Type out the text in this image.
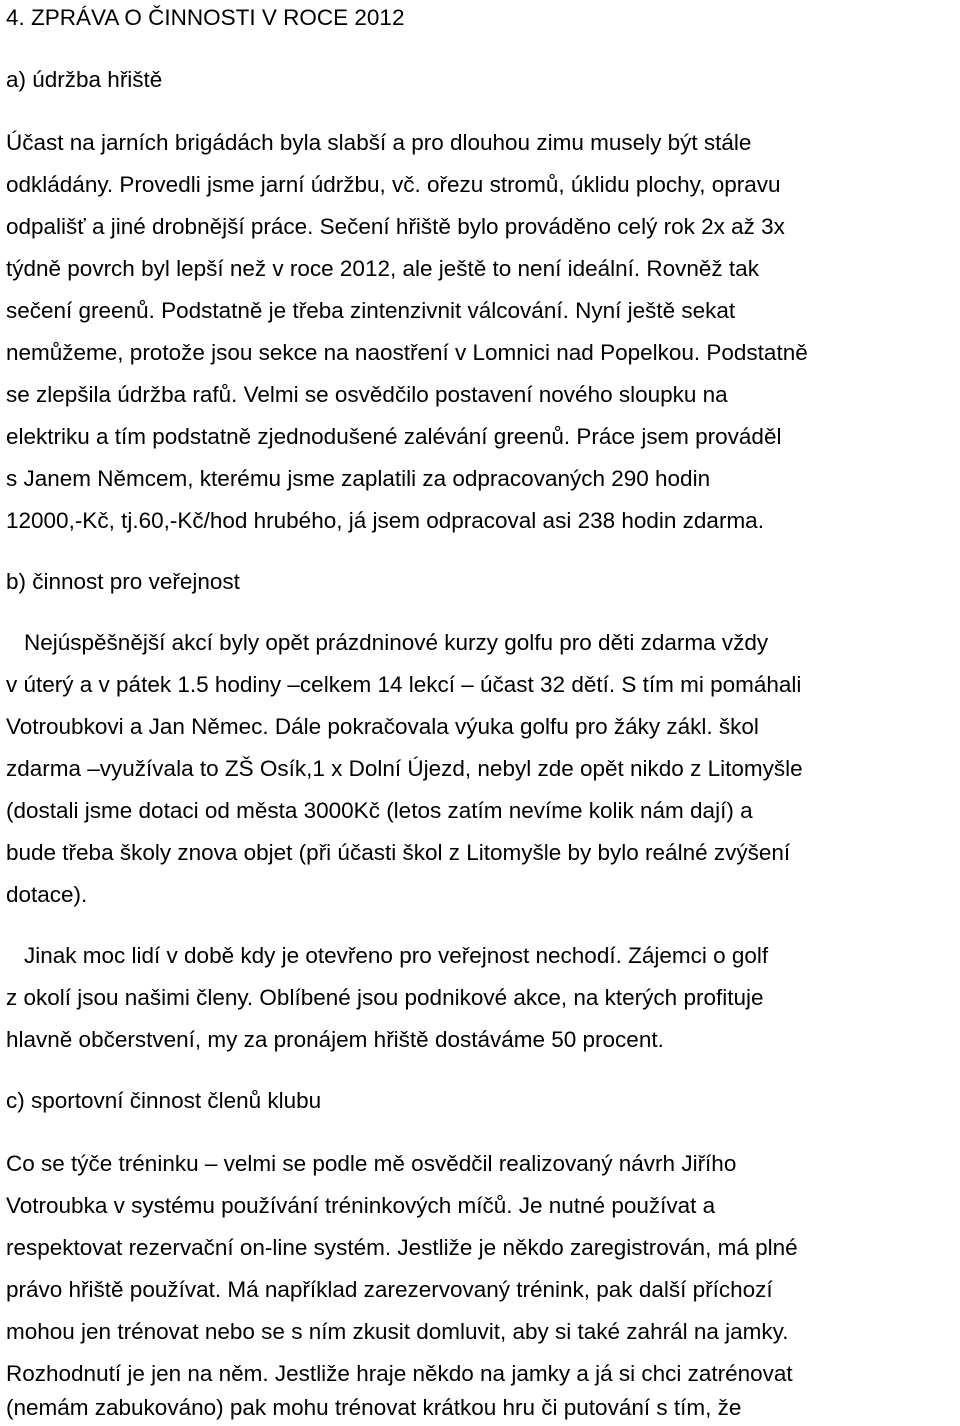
4. ZPRÁVA O ČINNOSTI V ROCE 2012
a) údržba hřiště
Účast na jarních brigádách byla slabší a pro dlouhou zimu musely být stále
odkládány. Provedli jsme jarní údržbu, vč. ořezu stromů, úklidu plochy, opravu
odpališť a jiné drobnější práce. Sečení hřiště bylo prováděno celý rok 2x až 3x
týdně povrch byl lepší než v roce 2012, ale ještě to není ideální. Rovněž tak
sečení greenů. Podstatně je třeba zintenzivnit válcování. Nyní ještě sekat
nemůžeme, protože jsou sekce na naostření v Lomnici nad Popelkou. Podstatně
se zlepšila údržba rafů. Velmi se osvědčilo postavení nového sloupku na
elektriku a tím podstatně zjednodušené zalévání greenů. Práce jsem prováděl
s Janem Němcem, kterému jsme zaplatili za odpracovaných 290 hodin
12000,-Kč, tj.60,-Kč/hod hrubého, já jsem odpracoval asi 238 hodin zdarma.
b) činnost pro veřejnost
Nejúspěšnější akcí byly opět prázdninové kurzy golfu pro děti zdarma vždy
v úterý a v pátek 1.5 hodiny –celkem 14 lekcí – účast 32 dětí. S tím mi pomáhali
Votroubkovi a Jan Němec. Dále pokračovala výuka golfu pro žáky zákl. škol
zdarma –využívala to ZŠ Osík,1 x Dolní Újezd, nebyl zde opět nikdo z Litomyšle
(dostali jsme dotaci od města 3000Kč (letos zatím nevíme kolik nám dají) a
bude třeba školy znova objet (při účasti škol z Litomyšle by bylo reálné zvýšení
dotace).
Jinak moc lidí v době kdy je otevřeno pro veřejnost nechodí. Zájemci o golf
z okolí jsou našimi členy. Oblíbené jsou podnikové akce, na kterých profituje
hlavně občerstvení, my za pronájem hřiště dostáváme 50 procent.
c) sportovní činnost členů klubu
Co se týče tréninku – velmi se podle mě osvědčil realizovaný návrh Jiřího
Votroubka v systému používání tréninkových míčů. Je nutné používat a
respektovat rezervační on-line systém. Jestliže je někdo zaregistrován, má plné
právo hřiště používat. Má například zarezervovaný trénink, pak další příchozí
mohou jen trénovat nebo se s ním zkusit domluvit, aby si také zahrál na jamky.
Rozhodnutí je jen na něm. Jestliže hraje někdo na jamky a já si chci zatrénovat
(nemám zabukováno) pak mohu trénovat krátkou hru či putování s tím, že
